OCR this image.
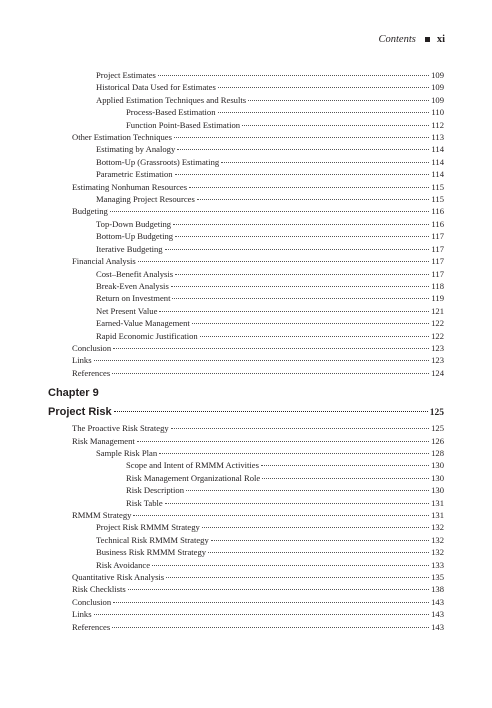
Contents xi
Project Estimates	109
Historical Data Used for Estimates	109
Applied Estimation Techniques and Results	109
Process-Based Estimation	110
Function Point-Based Estimation	112
Other Estimation Techniques	113
Estimating by Analogy	114
Bottom-Up (Grassroots) Estimating	114
Parametric Estimation	114
Estimating Nonhuman Resources	115
Managing Project Resources	115
Budgeting	116
Top-Down Budgeting	116
Bottom-Up Budgeting	117
Iterative Budgeting	117
Financial Analysis	117
Cost–Benefit Analysis	117
Break-Even Analysis	118
Return on Investment	119
Net Present Value	121
Earned-Value Management	122
Rapid Economic Justification	122
Conclusion	123
Links	123
References	124
Chapter 9
Project Risk	125
The Proactive Risk Strategy	125
Risk Management	126
Sample Risk Plan	128
Scope and Intent of RMMM Activities	130
Risk Management Organizational Role	130
Risk Description	130
Risk Table	131
RMMM Strategy	131
Project Risk RMMM Strategy	132
Technical Risk RMMM Strategy	132
Business Risk RMMM Strategy	132
Risk Avoidance	133
Quantitative Risk Analysis	135
Risk Checklists	138
Conclusion	143
Links	143
References	143
